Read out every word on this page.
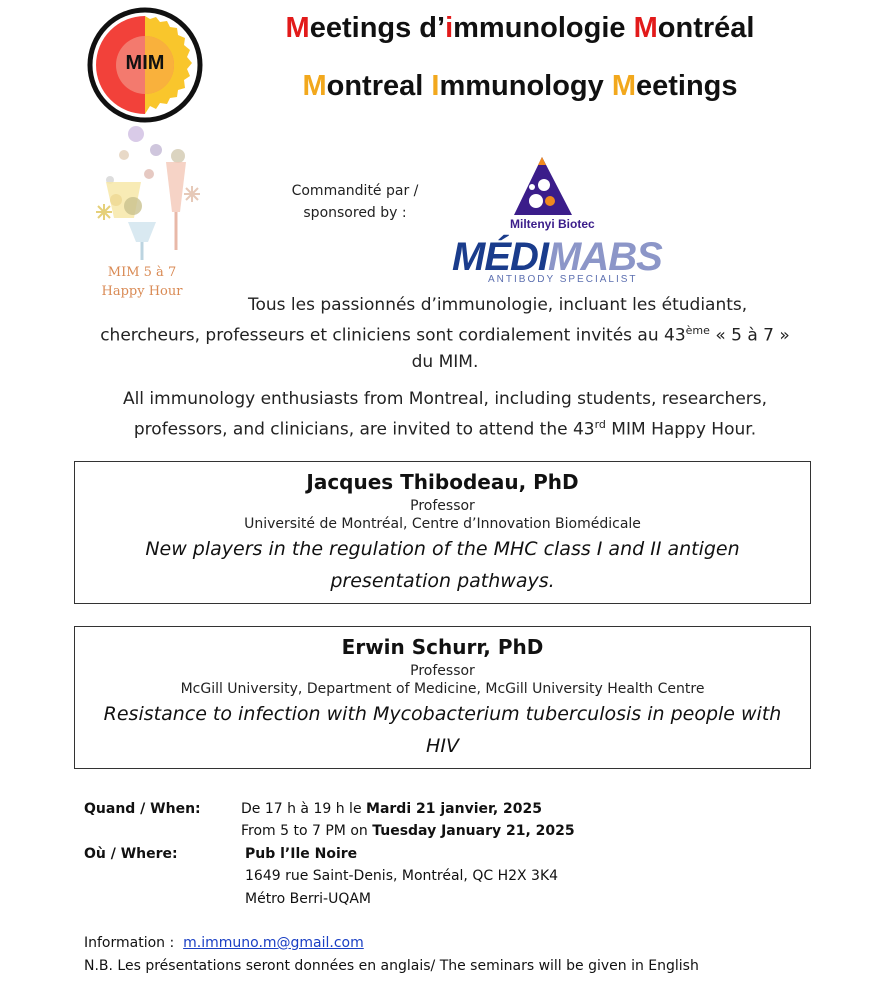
MIM
Meetings d’immunologie Montréal
Montreal Immunology Meetings
MIM 5 à 7
Happy Hour
Commandité par /
sponsored by :
Miltenyi Biotec
MÉDIMABS
ANTIBODY SPECIALIST
Tous les passionnés d’immunologie, incluant les étudiants,
chercheurs, professeurs et cliniciens sont cordialement invités au 43ème « 5 à 7 »
du MIM.
All immunology enthusiasts from Montreal, including students, researchers,
professors, and clinicians, are invited to attend the 43rd MIM Happy Hour.
Jacques Thibodeau, PhD
Professor
Université de Montréal, Centre d’Innovation Biomédicale
New players in the regulation of the MHC class I and II antigen
presentation pathways.
Erwin Schurr, PhD
Professor
McGill University, Department of Medicine, McGill University Health Centre
Resistance to infection with Mycobacterium tuberculosis in people with
HIV
Quand / When:	De 17 h à 19 h le Mardi 21 janvier, 2025
From 5 to 7 PM on Tuesday January 21, 2025
Où / Where:	Pub l’Ile Noire
1649 rue Saint-Denis, Montréal, QC H2X 3K4
Métro Berri-UQAM
Information : m.immuno.m@gmail.com
N.B. Les présentations seront données en anglais/ The seminars will be given in English
